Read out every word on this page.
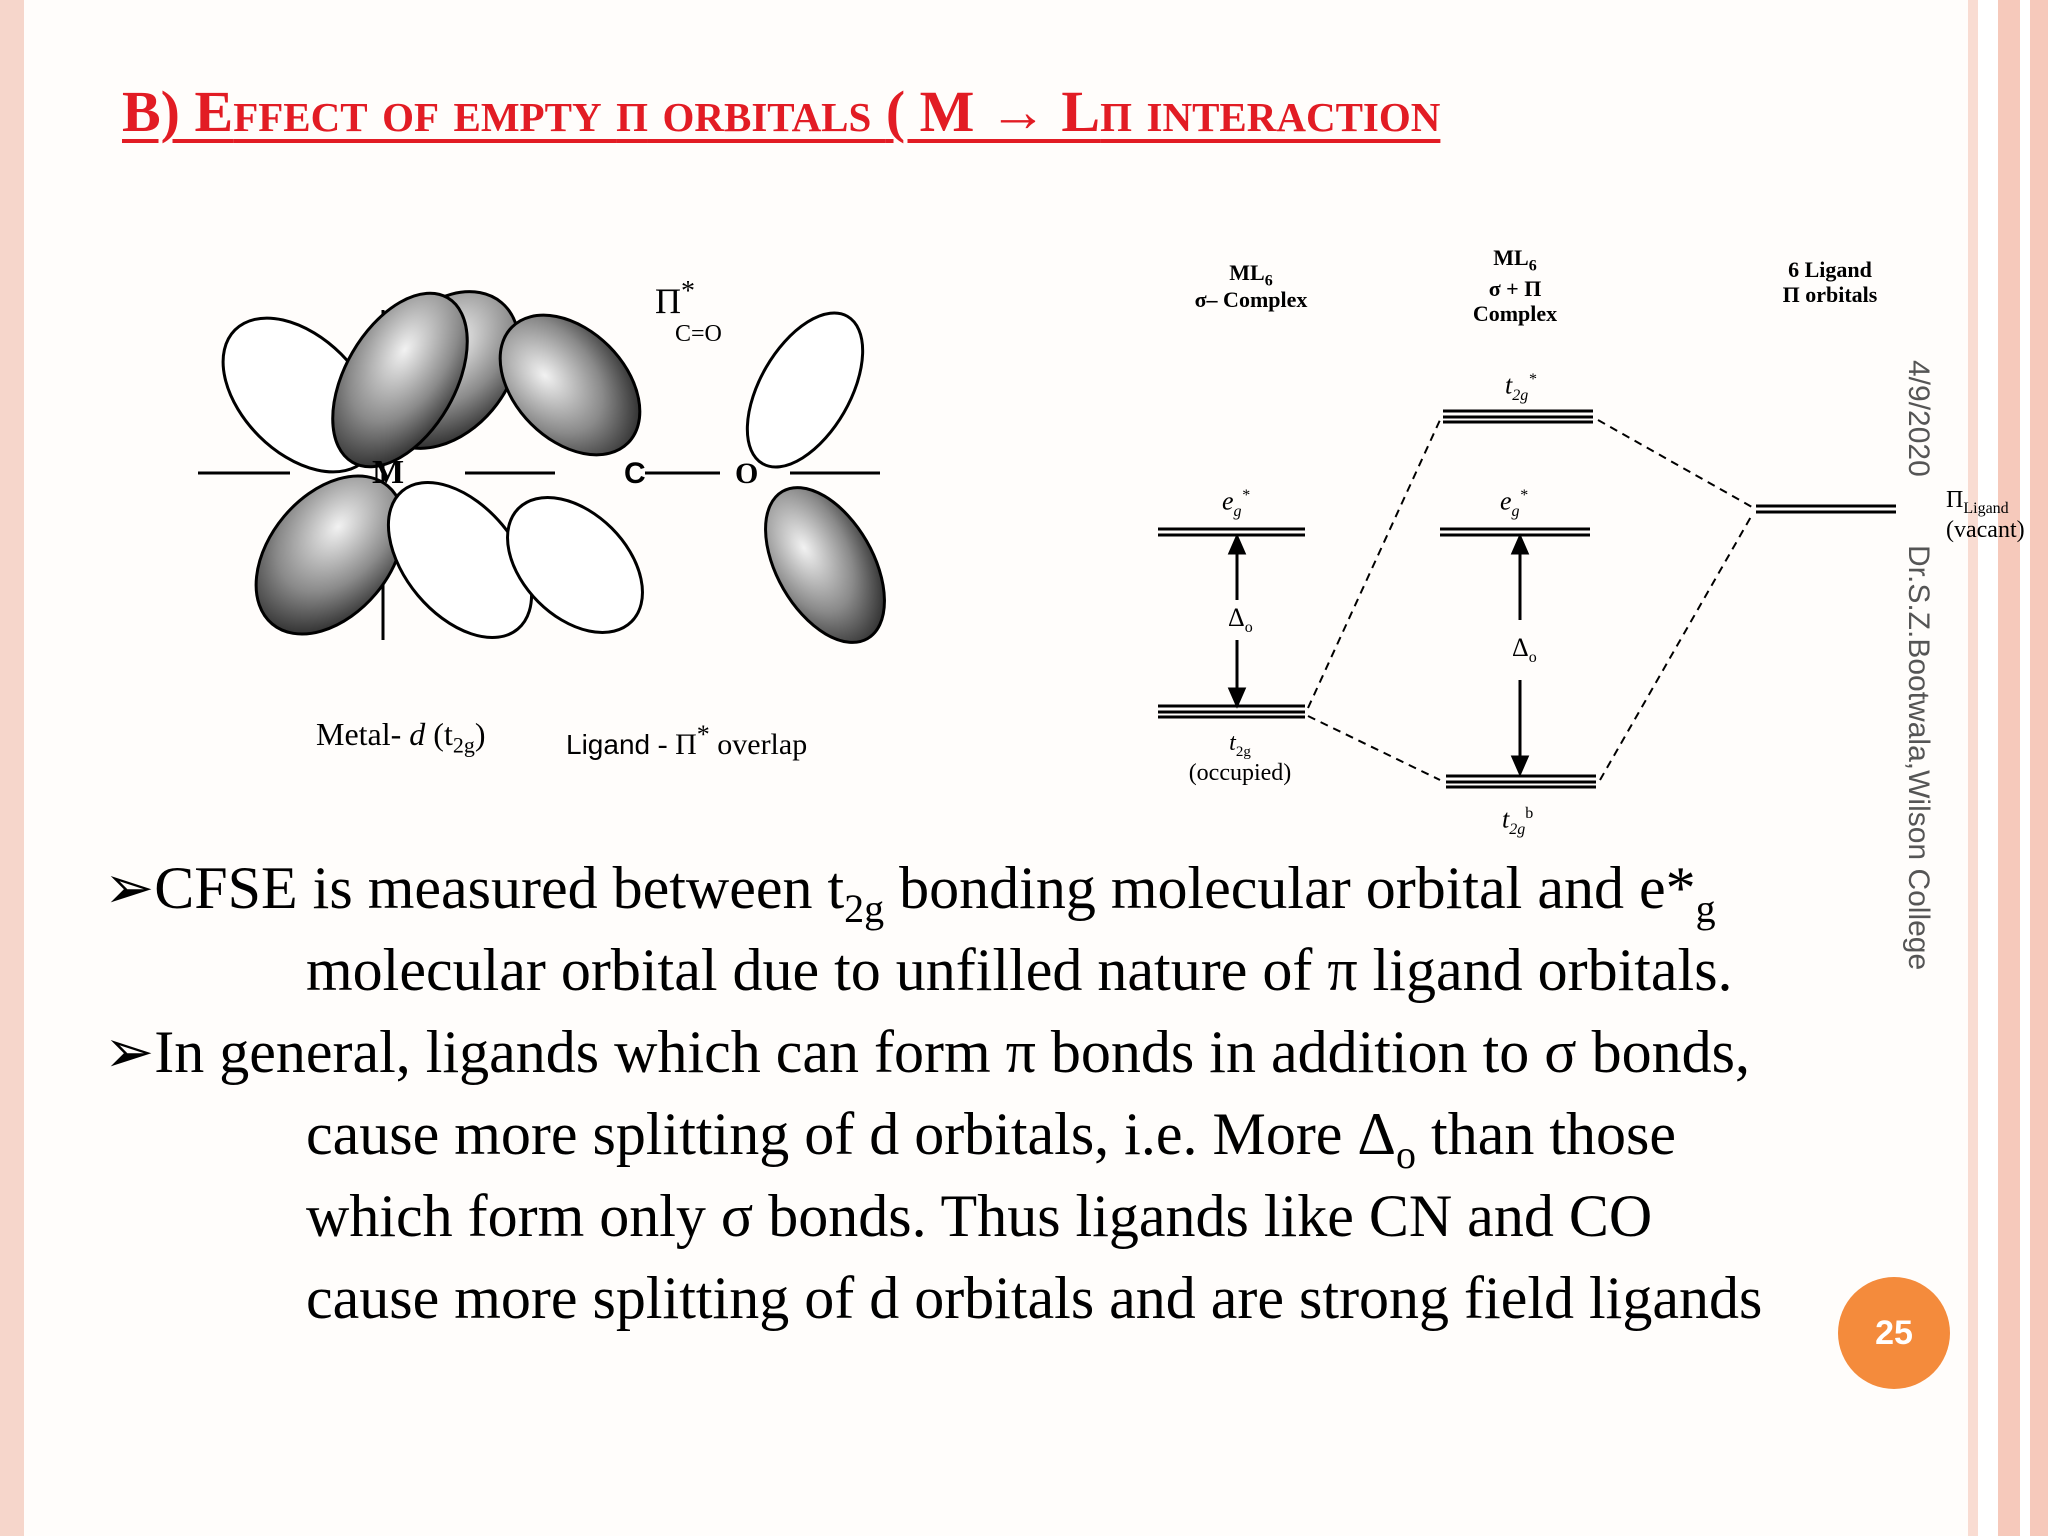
B) Effect of empty π orbitals ( M → Lπ interaction
Π*
C=O
M	C	O
Metal- d $(t_{2g})$	Ligand - Π* overlap
$ML_6$
σ– Complex
$ML_6$
σ + Π
Complex
6 Ligand
Π orbitals
$t_{2g}^*$
$e_g^*$	$e_g^*$
$\Delta_o$
$\Delta_o$
$t_{2g}$
(occupied)
$t_{2g}^b$
$\Pi_{Ligand}$
(vacant)
4/9/2020
Dr.S.Z.Bootwala,Wilson College
➢CFSE is measured between $t_{2g}$ bonding molecular orbital and $e*_g$
molecular orbital due to unfilled nature of π ligand orbitals.
➢In general, ligands which can form π bonds in addition to σ bonds,
cause more splitting of d orbitals, i.e. More $\Delta_o$ than those
which form only σ bonds. Thus ligands like CN and CO
cause more splitting of d orbitals and are strong field ligands
25
